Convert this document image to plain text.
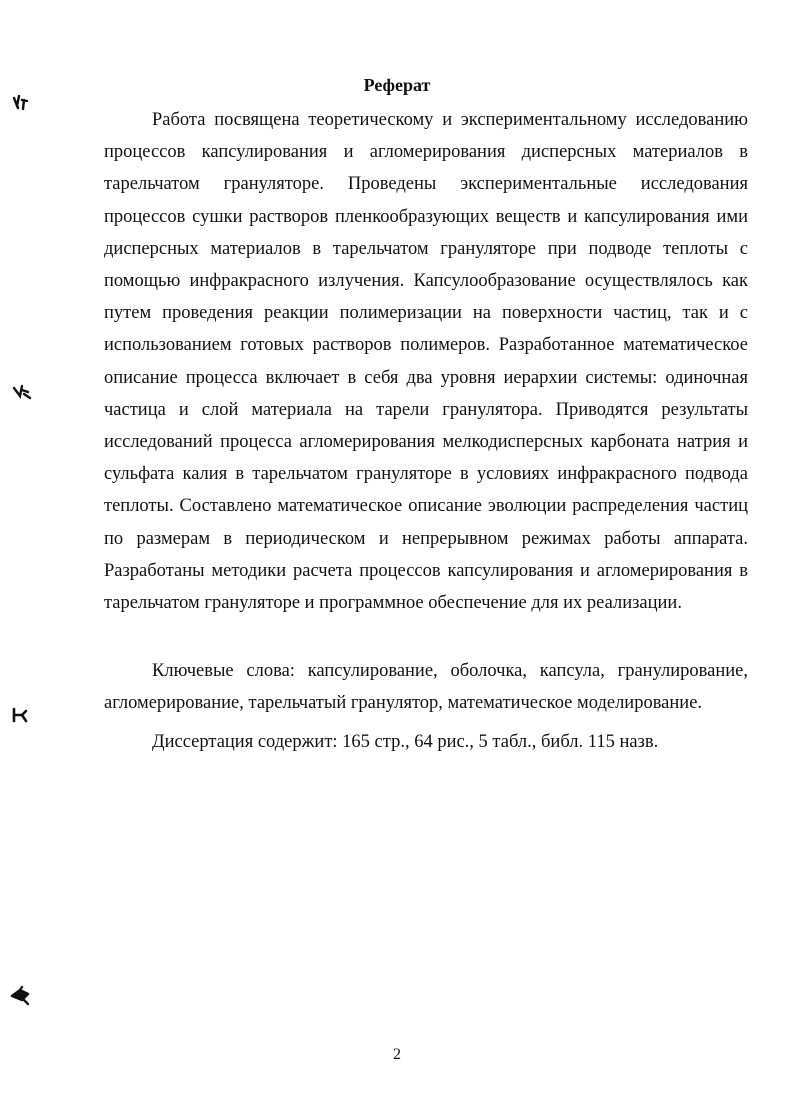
Реферат

Работа посвящена теоретическому и экспериментальному исследованию процессов капсулирования и агломерирования дисперсных материалов в тарельчатом грануляторе. Проведены экспериментальные исследования процессов сушки растворов пленкообразующих веществ и капсулирования ими дисперсных материалов в тарельчатом грануляторе при подводе теплоты с помощью инфракрасного излучения. Капсулообразование осуществлялось как путем проведения реакции полимеризации на поверхности частиц, так и с использованием готовых растворов полимеров. Разработанное математическое описание процесса включает в себя два уровня иерархии системы: одиночная частица и слой материала на тарели гранулятора. Приводятся результаты исследований процесса агломерирования мелкодисперсных карбоната натрия и сульфата калия в тарельчатом грануляторе в условиях инфракрасного подвода теплоты. Составлено математическое описание эволюции распределения частиц по размерам в периодическом и непрерывном режимах работы аппарата. Разработаны методики расчета процессов капсулирования и агломерирования в тарельчатом грануляторе и программное обеспечение для их реализации.

Ключевые слова: капсулирование, оболочка, капсула, гранулирование, агломерирование, тарельчатый гранулятор, математическое моделирование.

Диссертация содержит: 165 стр., 64 рис., 5 табл., библ. 115 назв.

2
